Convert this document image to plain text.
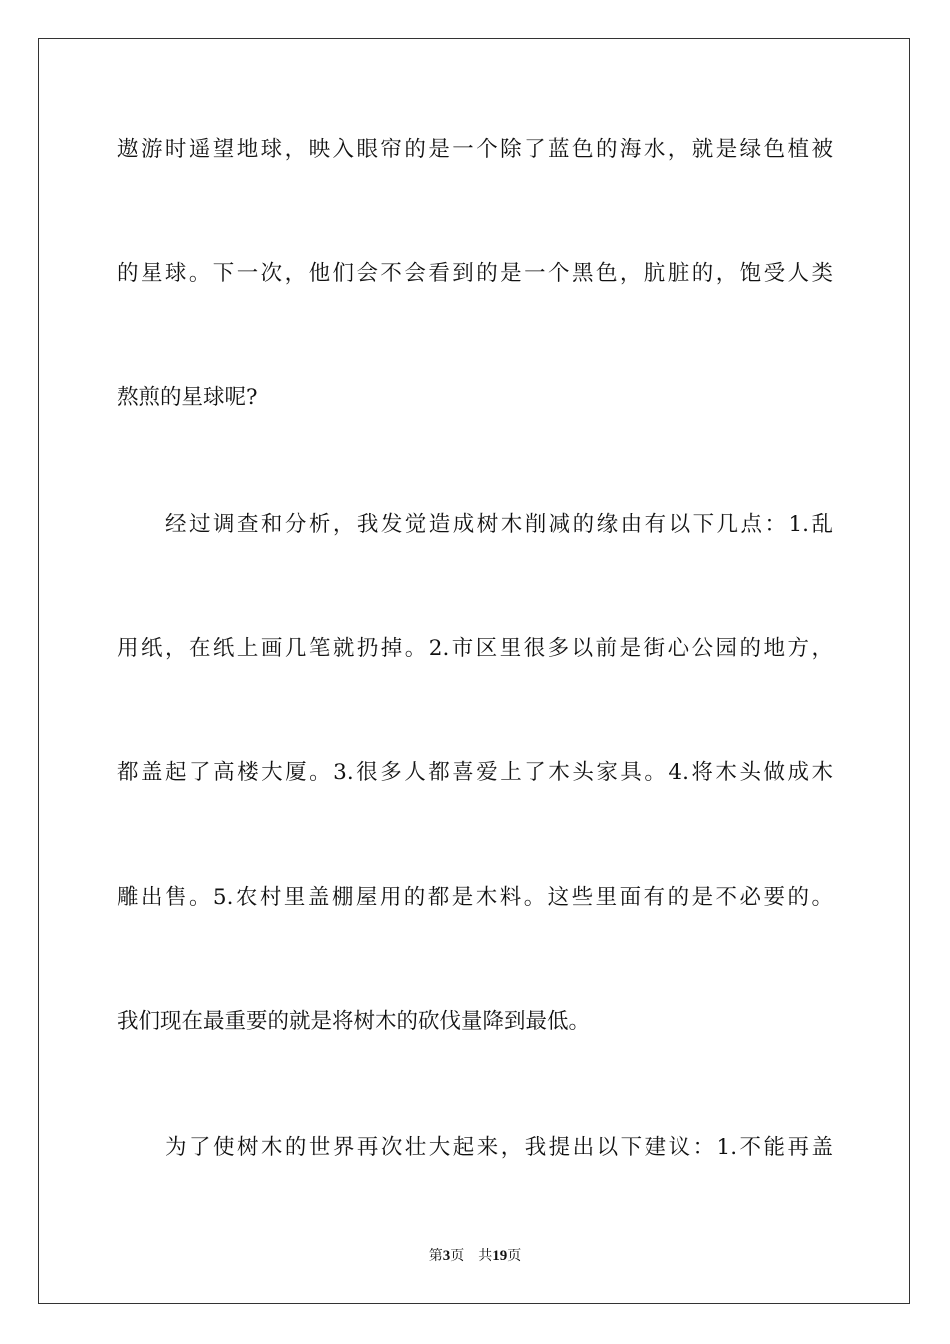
遨游时遥望地球，映入眼帘的是一个除了蓝色的海水，就是绿色植被
的星球。下一次，他们会不会看到的是一个黑色，肮脏的，饱受人类
熬煎的星球呢?
经过调查和分析，我发觉造成树木削减的缘由有以下几点：1.乱
用纸，在纸上画几笔就扔掉。2.市区里很多以前是街心公园的地方，
都盖起了高楼大厦。3.很多人都喜爱上了木头家具。4.将木头做成木
雕出售。5.农村里盖棚屋用的都是木料。这些里面有的是不必要的。
我们现在最重要的就是将树木的砍伐量降到最低。
为了使树木的世界再次壮大起来，我提出以下建议：1.不能再盖
第3页 共19页
